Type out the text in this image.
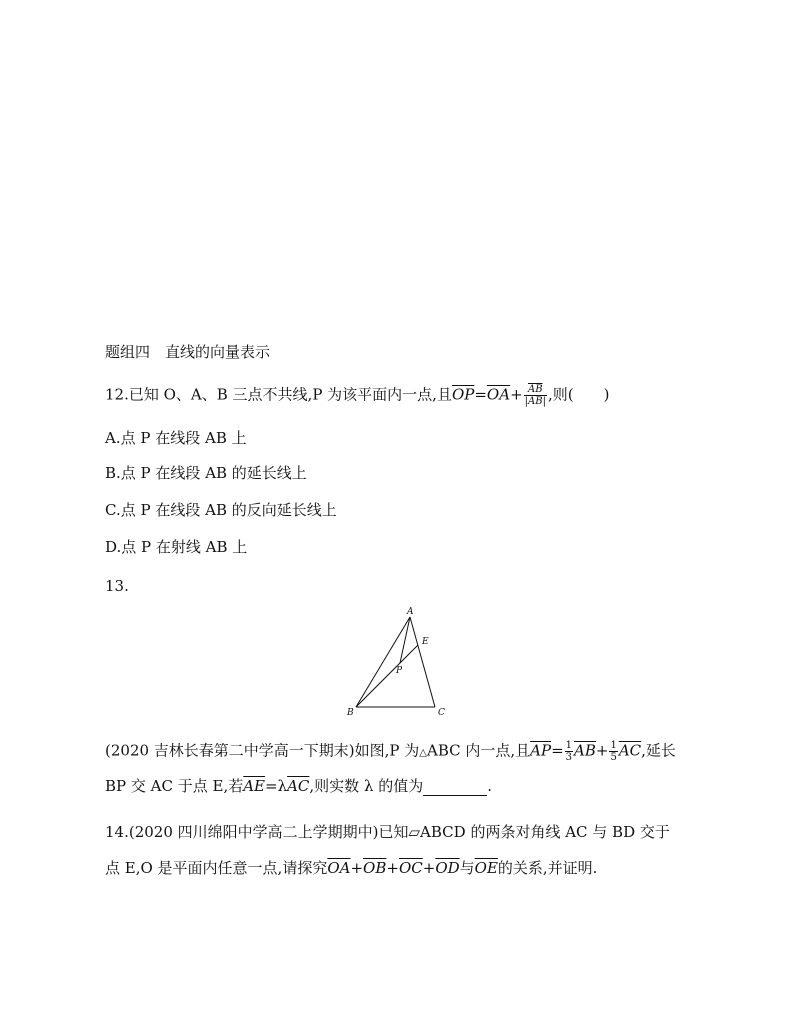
题组四　直线的向量表示
12.已知 O、A、B 三点不共线,P 为该平面内一点,且$\overline{OP}=\overline{OA}+ \frac{\overline{AB}}{|AB|}$ ,则( )
A.点 P 在线段 AB 上
B.点 P 在线段 AB 的延长线上
C.点 P 在线段 AB 的反向延长线上
D.点 P 在射线 AB 上
13.
A
B	C
E
P
(2020 吉林长春第二中学高一下期末)如图,P 为△ABC 内一点,且$\overline{AP}= \frac{1}{3} \overline{AB}+ \frac{1}{5} \overline{AC}$,延长
BP 交 AC 于点 E,若$\overline{AE}=\lambda\overline{AC}$,则实数 λ 的值为	.
14.(2020 四川绵阳中学高二上学期期中)已知▱ABCD 的两条对角线 AC 与 BD 交于
点 E,O 是平面内任意一点,请探究$\overline{OA}+\overline{OB}+\overline{OC}+\overline{OD}$与$\overline{OE}$的关系,并证明.
